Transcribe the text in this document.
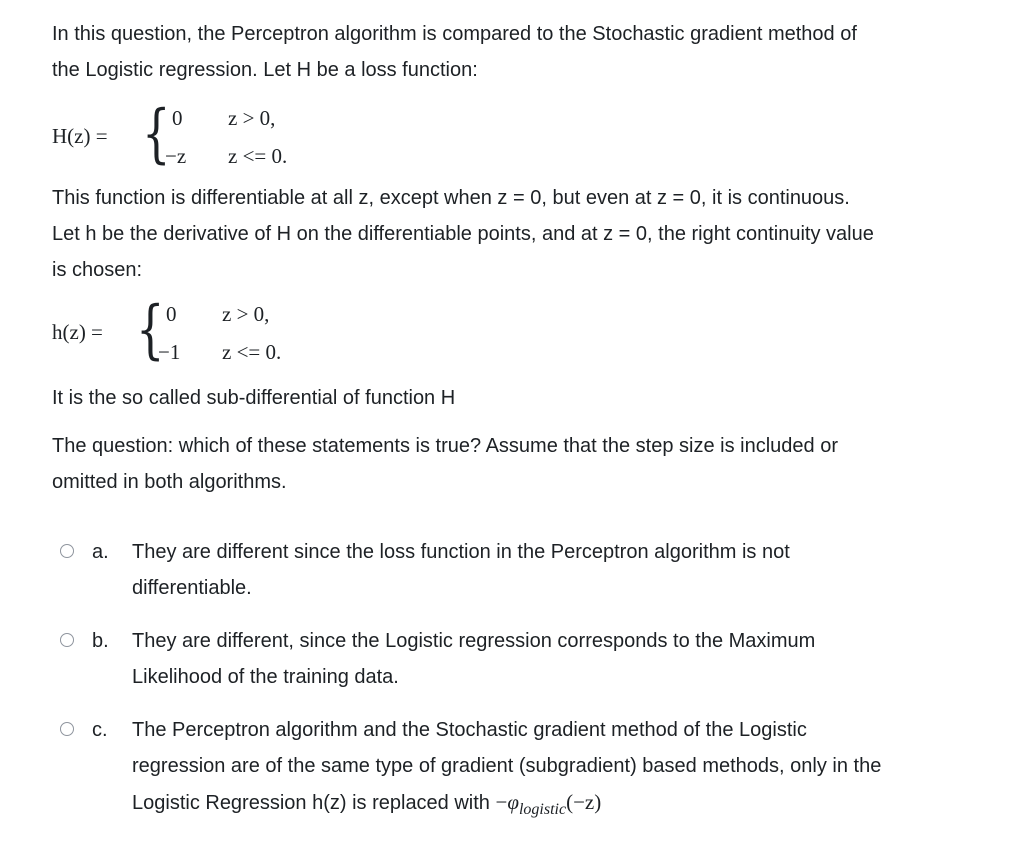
In this question, the Perceptron algorithm is compared to the Stochastic gradient method of
the Logistic regression. Let H be a loss function:

H(z) = { 0 z > 0,
−z z <= 0.

This function is differentiable at all z, except when z = 0, but even at z = 0, it is continuous.
Let h be the derivative of H on the differentiable points, and at z = 0, the right continuity value
is chosen:

h(z) = { 0 z > 0,
−1 z <= 0.

It is the so called sub-differential of function H

The question: which of these statements is true? Assume that the step size is included or
omitted in both algorithms.

a. They are different since the loss function in the Perceptron algorithm is not
differentiable.
b. They are different, since the Logistic regression corresponds to the Maximum
Likelihood of the training data.
c. The Perceptron algorithm and the Stochastic gradient method of the Logistic
regression are of the same type of gradient (subgradient) based methods, only in the
Logistic Regression h(z) is replaced with $-\varphi_{logistic}(-z)$
